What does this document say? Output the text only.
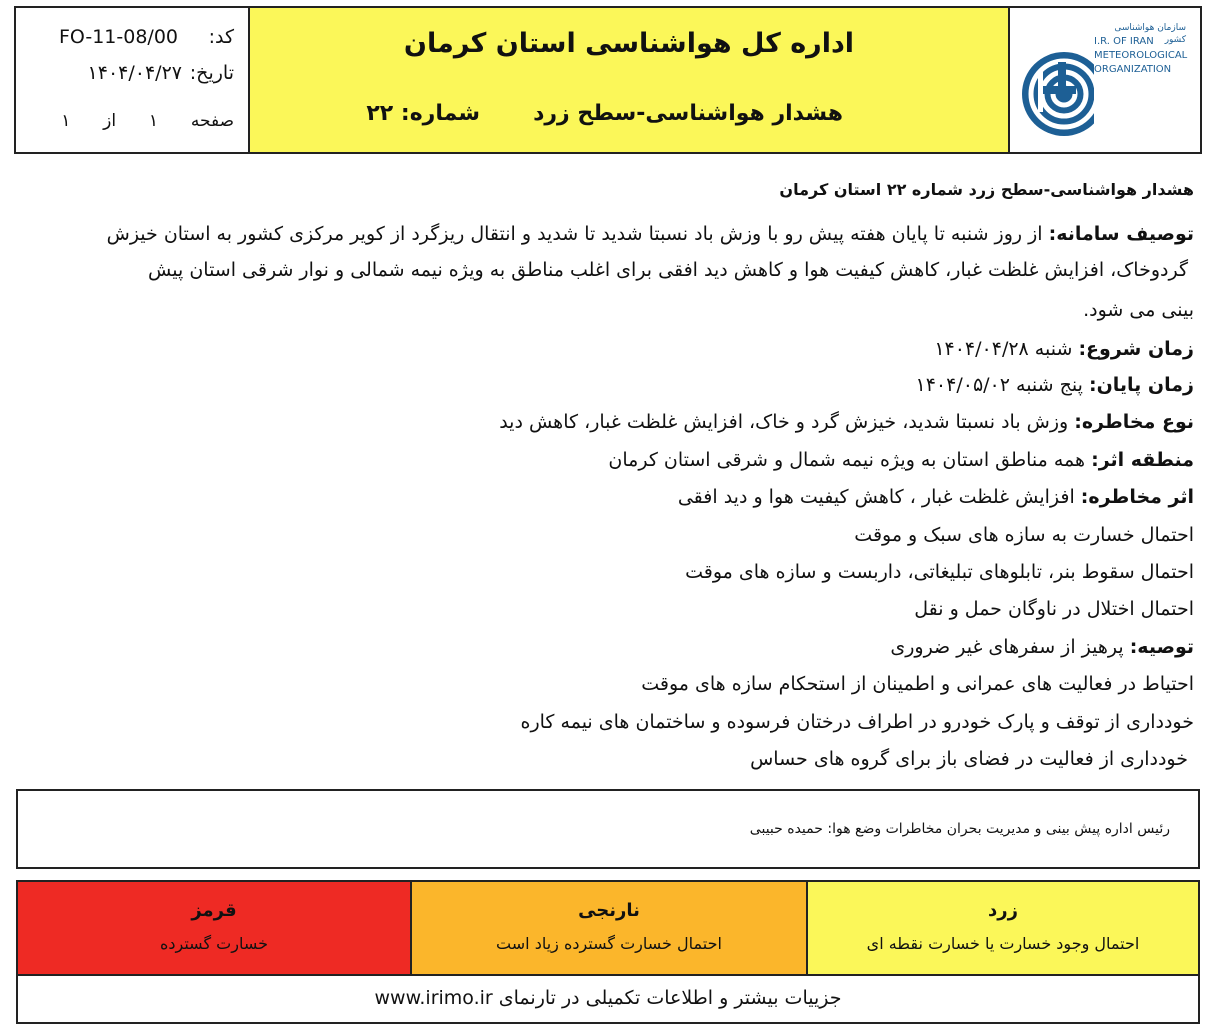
سازمان هواشناسی کشور
I.R. OF IRAN
METEOROLOGICAL
ORGANIZATION
اداره کل هواشناسی استان کرمان
هشدار هواشناسی-سطح زرد
شماره: ۲۲
کد:
FO-11-08/00
تاریخ:
۱۴۰۴/۰۴/۲۷
صفحه  ۱  از  ۱
هشدار هواشناسی-سطح زرد شماره ۲۲ استان کرمان
توصیف سامانه: از روز شنبه تا پایان هفته پیش رو با وزش باد نسبتا شدید تا شدید و انتقال ریزگرد از کویر مرکزی کشور به استان خیزش
گردوخاک، افزایش غلظت غبار، کاهش کیفیت هوا و کاهش دید افقی برای اغلب مناطق به ویژه نیمه شمالی و نوار شرقی استان پیش
بینی می شود.
زمان شروع: شنبه ۱۴۰۴/۰۴/۲۸
زمان پایان: پنج شنبه ۱۴۰۴/۰۵/۰۲
نوع مخاطره: وزش باد نسبتا شدید، خیزش گرد و خاک، افزایش غلظت غبار، کاهش دید
منطقه اثر: همه مناطق استان به ویژه نیمه شمال و شرقی استان کرمان
اثر مخاطره: افزایش غلظت غبار ، کاهش کیفیت هوا و دید افقی
احتمال خسارت به سازه های سبک و موقت
احتمال سقوط بنر، تابلوهای تبلیغاتی، داربست و سازه های موقت
احتمال اختلال در ناوگان حمل و نقل
توصیه: پرهیز از سفرهای غیر ضروری
احتیاط در فعالیت های عمرانی و اطمینان از استحکام سازه های موقت
خودداری از توقف و پارک خودرو در اطراف درختان فرسوده و ساختمان های نیمه کاره
خودداری از فعالیت در فضای باز برای گروه های حساس
رئیس اداره پیش بینی و مدیریت بحران مخاطرات وضع هوا: حمیده حبیبی
زرد
احتمال وجود خسارت یا خسارت نقطه ای
نارنجی
احتمال خسارت گسترده زیاد است
قرمز
خسارت گسترده
جزییات بیشتر و اطلاعات تکمیلی در تارنمای www.irimo.ir
